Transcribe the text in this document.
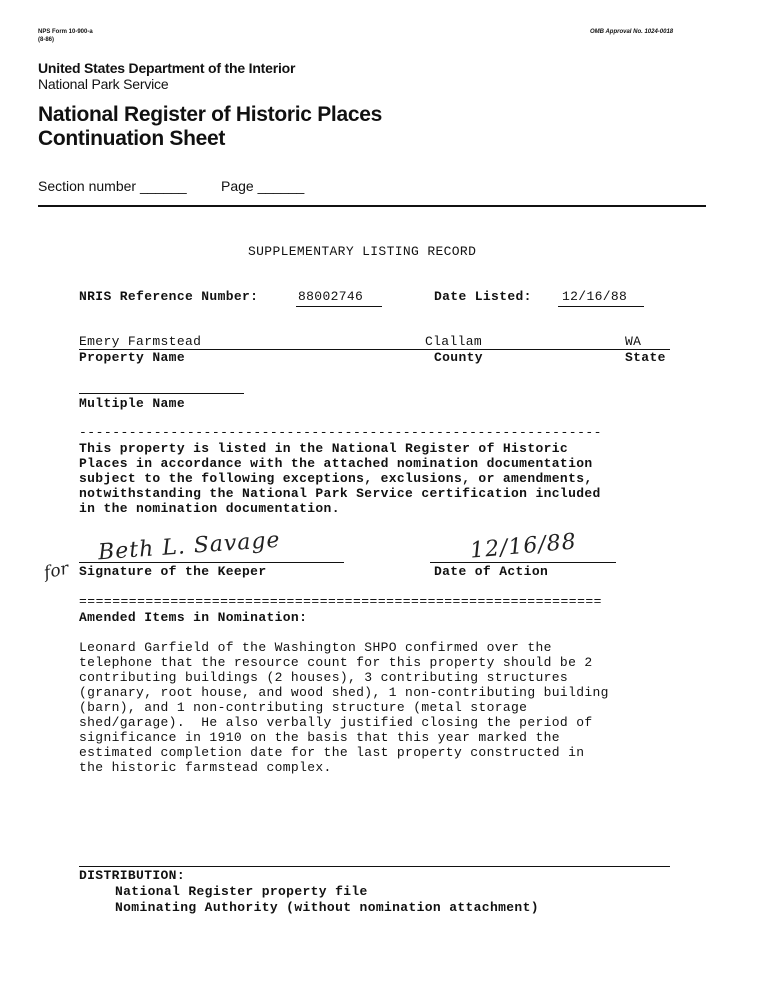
NPS Form 10-900-a
(8-86)
OMB Approval No. 1024-0018
United States Department of the Interior
National Park Service
National Register of Historic Places
Continuation Sheet
Section number ______ Page ______
SUPPLEMENTARY LISTING RECORD
NRIS Reference Number:	88002746	Date Listed: 12/16/88
Emery Farmstead	Clallam	WA
Property Name	County	State
Multiple Name
---------------------------------------------------------------
This property is listed in the National Register of Historic
Places in accordance with the attached nomination documentation
subject to the following exceptions, exclusions, or amendments,
notwithstanding the National Park Service certification included
in the nomination documentation.
for
Beth L. Savage	12/16/88
Signature of the Keeper	Date of Action
===============================================================
Amended Items in Nomination:
Leonard Garfield of the Washington SHPO confirmed over the
telephone that the resource count for this property should be 2
contributing buildings (2 houses), 3 contributing structures
(granary, root house, and wood shed), 1 non-contributing building
(barn), and 1 non-contributing structure (metal storage
shed/garage).  He also verbally justified closing the period of
significance in 1910 on the basis that this year marked the
estimated completion date for the last property constructed in
the historic farmstead complex.
DISTRIBUTION:
National Register property file
Nominating Authority (without nomination attachment)
